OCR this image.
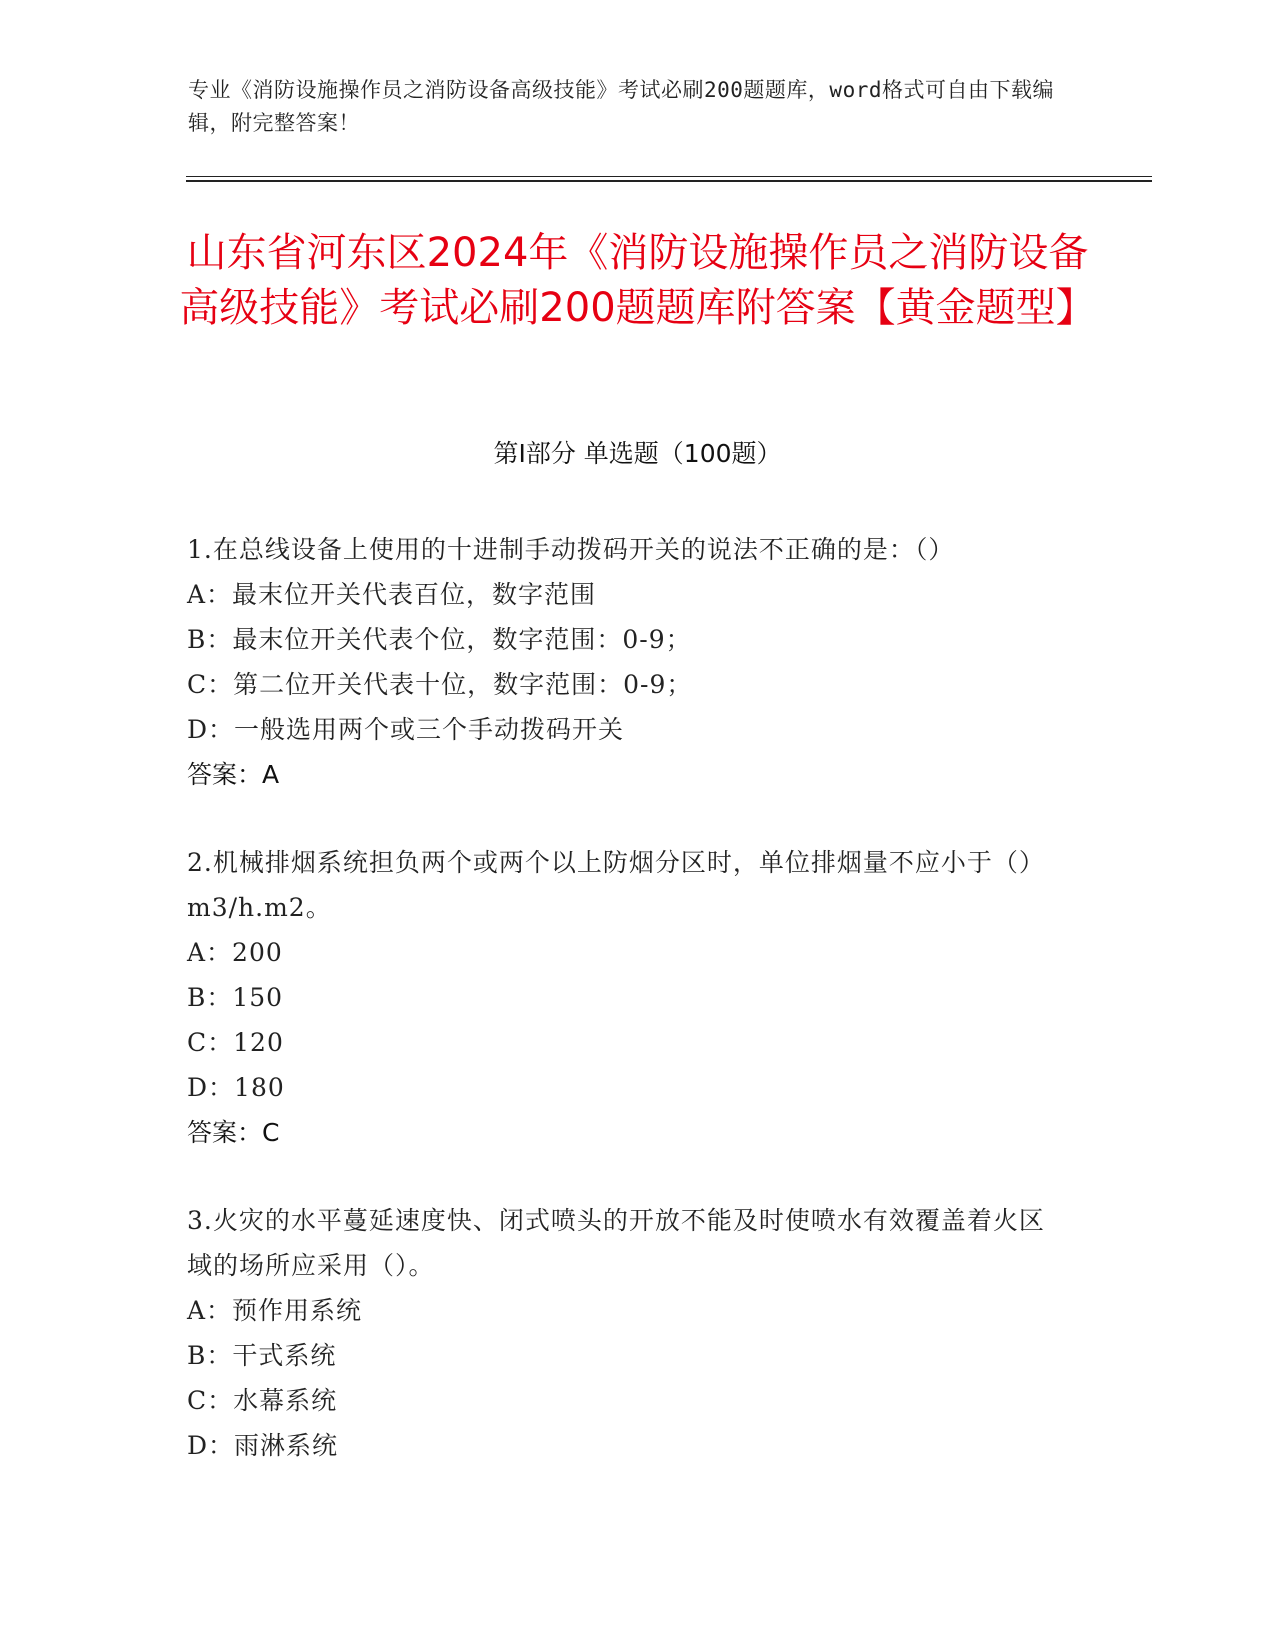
专业《消防设施操作员之消防设备高级技能》考试必刷200题题库，word格式可自由下载编辑，附完整答案！
山东省河东区2024年《消防设施操作员之消防设备高级技能》考试必刷200题题库附答案【黄金题型】
第Ⅰ部分 单选题（100题）
1.在总线设备上使用的十进制手动拨码开关的说法不正确的是：（）
A：最末位开关代表百位，数字范围
B：最末位开关代表个位，数字范围：0-9；
C：第二位开关代表十位，数字范围：0-9；
D：一般选用两个或三个手动拨码开关
答案：A
2.机械排烟系统担负两个或两个以上防烟分区时，单位排烟量不应小于（）m3/h.m2。
A：200
B：150
C：120
D：180
答案：C
3.火灾的水平蔓延速度快、闭式喷头的开放不能及时使喷水有效覆盖着火区域的场所应采用（）。
A：预作用系统
B：干式系统
C：水幕系统
D：雨淋系统
